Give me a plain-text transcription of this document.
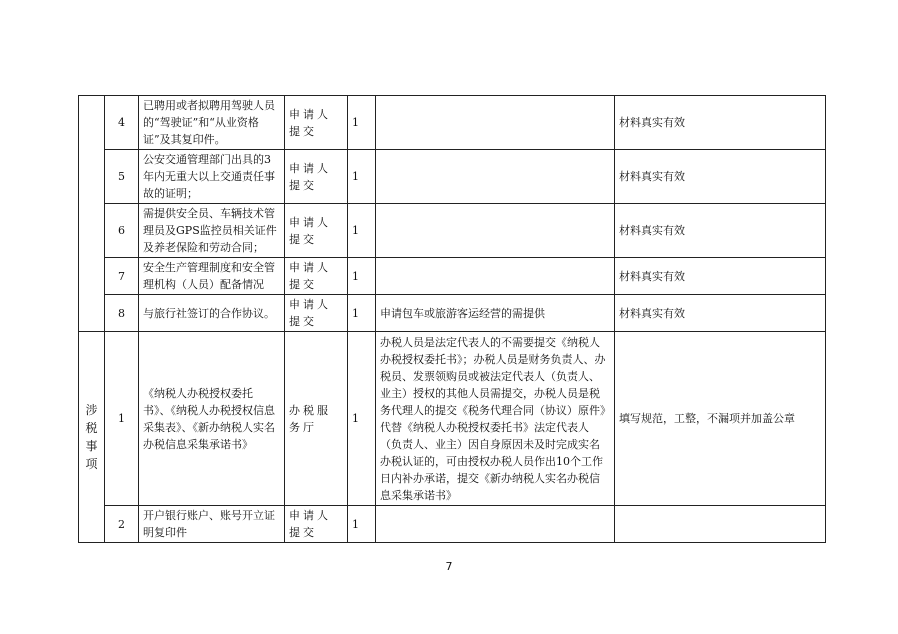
	4	已聘用或者拟聘用驾驶人员的“驾驶证”和“从业资格证”及其复印件。	申请人提交	1		材料真实有效
	5	公安交通管理部门出具的3年内无重大以上交通责任事故的证明；	申请人提交	1		材料真实有效
	6	需提供安全员、车辆技术管理员及GPS监控员相关证件及养老保险和劳动合同；	申请人提交	1		材料真实有效
	7	安全生产管理制度和安全管理机构（人员）配备情况	申请人提交	1		材料真实有效
	8	与旅行社签订的合作协议。	申请人提交	1	申请包车或旅游客运经营的需提供	材料真实有效
涉税事项	1	《纳税人办税授权委托书》、《纳税人办税授权信息采集表》、《新办纳税人实名办税信息采集承诺书》	办税服务厅	1	办税人员是法定代表人的不需要提交《纳税人办税授权委托书》；办税人员是财务负责人、办税员、发票领购员或被法定代表人（负责人、业主）授权的其他人员需提交，办税人员是税务代理人的提交《税务代理合同（协议）原件》代替《纳税人办税授权委托书》法定代表人（负责人、业主）因自身原因未及时完成实名办税认证的，可由授权办税人员作出10个工作日内补办承诺，提交《新办纳税人实名办税信息采集承诺书》	填写规范，工整，不漏项并加盖公章
	2	开户银行账户、账号开立证明复印件	申请人提交	1		
7
